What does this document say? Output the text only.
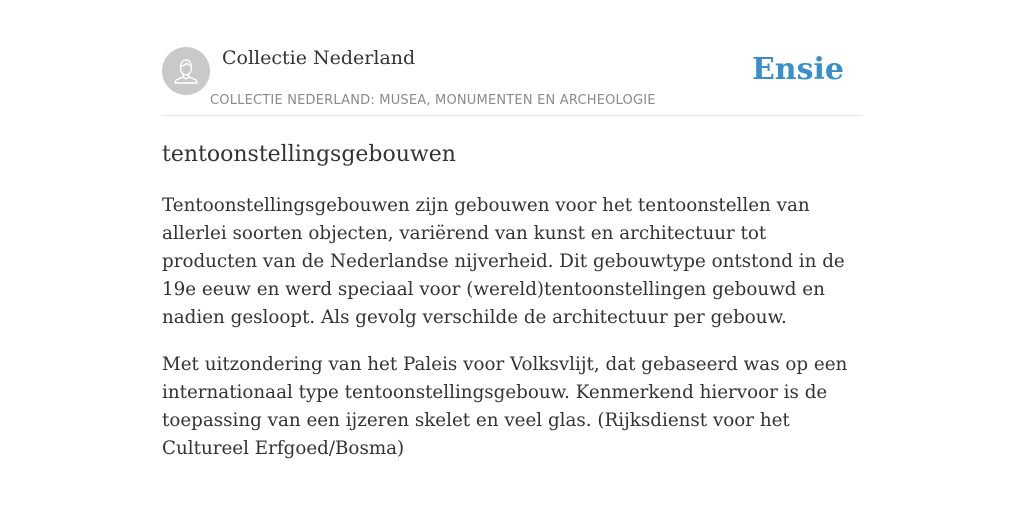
Collectie Nederland
COLLECTIE NEDERLAND: MUSEA, MONUMENTEN EN ARCHEOLOGIE
Ensie
tentoonstellingsgebouwen

Tentoonstellingsgebouwen zijn gebouwen voor het tentoonstellen van allerlei soorten objecten, variërend van kunst en architectuur tot producten van de Nederlandse nijverheid. Dit gebouwtype ontstond in de 19e eeuw en werd speciaal voor (wereld)tentoonstellingen gebouwd en nadien gesloopt. Als gevolg verschilde de architectuur per gebouw.

Met uitzondering van het Paleis voor Volksvlijt, dat gebaseerd was op een internationaal type tentoonstellingsgebouw. Kenmerkend hiervoor is de toepassing van een ijzeren skelet en veel glas. (Rijksdienst voor het Cultureel Erfgoed/Bosma)
